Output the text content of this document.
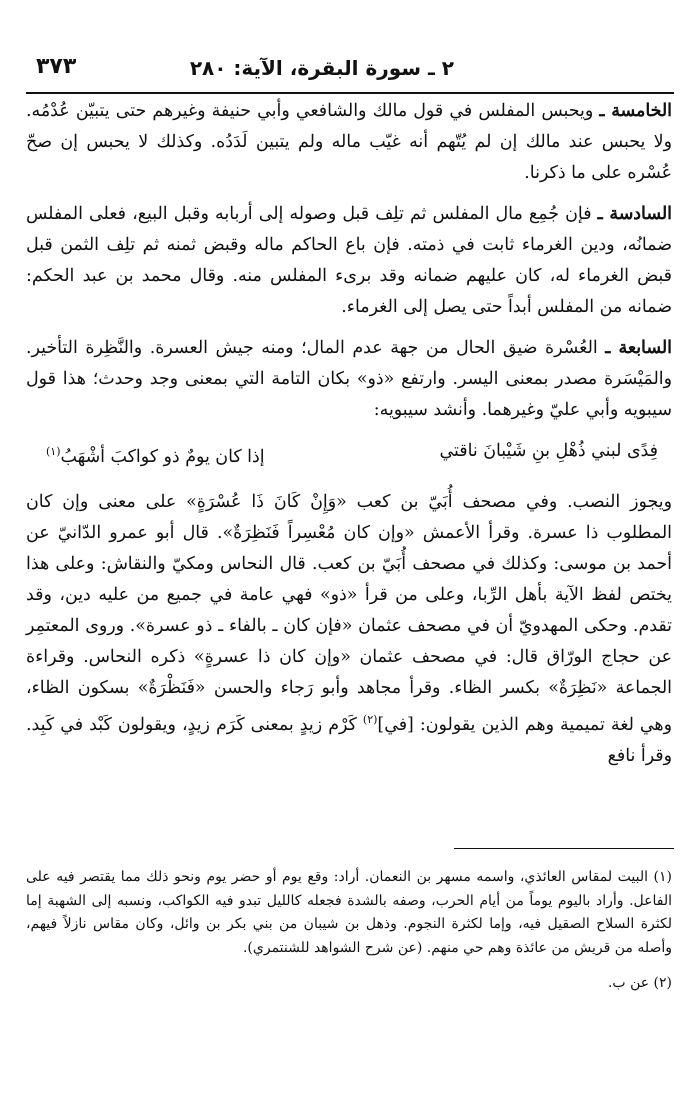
٢ ـ سورة البقرة، الآية: ٢٨٠
٣٧٣

الخامسة ـ ويحبس المفلس في قول مالك والشافعي وأبي حنيفة وغيرهم حتى يتبيّن عُدْمُه. ولا يحبس عند مالك إن لم يُتّهم أنه غيّب ماله ولم يتبين لَدَدُه. وكذلك لا يحبس إن صحّ عُسْره على ما ذكرنا.

السادسة ـ فإن جُمِع مال المفلس ثم تلِف قبل وصوله إلى أربابه وقبل البيع، فعلى المفلس ضمانُه، ودين الغرماء ثابت في ذمته. فإن باع الحاكم ماله وقبض ثمنه ثم تلِف الثمن قبل قبض الغرماء له، كان عليهم ضمانه وقد برىء المفلس منه. وقال محمد بن عبد الحكم: ضمانه من المفلس أبداً حتى يصل إلى الغرماء.

السابعة ـ العُسْرة ضيق الحال من جهة عدم المال؛ ومنه جيش العسرة. والنَّظِرة التأخير. والمَيْسَرة مصدر بمعنى اليسر. وارتفع «ذو» بكان التامة التي بمعنى وجد وحدث؛ هذا قول سيبويه وأبي عليّ وغيرهما. وأنشد سيبويه:

فِدًى لبني ذُهْلِ بنِ شَيْبانَ ناقتي
إذا كان يومٌ ذو كواكبَ أشْهَبُ$^{(١)}$

ويجوز النصب. وفي مصحف أُبَيّ بن كعب «وَإِنْ كَانَ ذَا عُسْرَةٍ» على معنى وإن كان المطلوب ذا عسرة. وقرأ الأعمش «وإن كان مُعْسِراً فَنَظِرَةٌ». قال أبو عمرو الدّانيّ عن أحمد بن موسى: وكذلك في مصحف أُبَيّ بن كعب. قال النحاس ومكيّ والنقاش: وعلى هذا يختص لفظ الآية بأهل الرِّبا، وعلى من قرأ «ذو» فهي عامة في جميع من عليه دين، وقد تقدم. وحكى المهدويّ أن في مصحف عثمان «فإن كان ـ بالفاء ـ ذو عسرة». وروى المعتمِر عن حجاج الورّاق قال: في مصحف عثمان «وإن كان ذا عسرةٍ» ذكره النحاس. وقراءة الجماعة «نَظِرَةٌ» بكسر الظاء. وقرأ مجاهد وأبو رَجاء والحسن «فَنَظْرَةٌ» بسكون الظاء، وهي لغة تميمية وهم الذين يقولون: [في]$^{(٢)}$ كَرْم زيدٍ بمعنى كَرَم زيدٍ، ويقولون كَبْد في كَبِد. وقرأ نافع

(١) البيت لمقاس العائذي، واسمه مسهر بن النعمان. أراد: وقع يوم أو حضر يوم ونحو ذلك مما يقتصر فيه على الفاعل. وأراد باليوم يوماً من أيام الحرب، وصفه بالشدة فجعله كالليل تبدو فيه الكواكب، ونسبه إلى الشهبة إما لكثرة السلاح الصقيل فيه، وإما لكثرة النجوم. وذهل بن شيبان من بني بكر بن وائل، وكان مقاس نازلاً فيهم، وأصله من قريش من عائذة وهم حي منهم. (عن شرح الشواهد للشنتمري).

(٢) عن ب.
